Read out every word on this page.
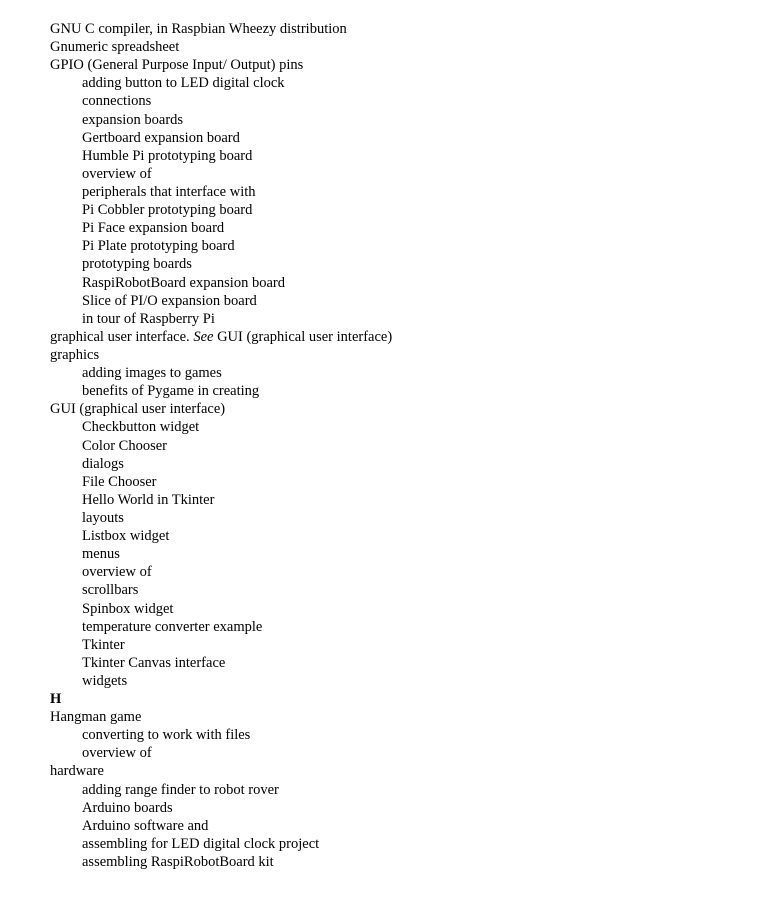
GNU C compiler, in Raspbian Wheezy distribution
Gnumeric spreadsheet
GPIO (General Purpose Input/ Output) pins
adding button to LED digital clock
connections
expansion boards
Gertboard expansion board
Humble Pi prototyping board
overview of
peripherals that interface with
Pi Cobbler prototyping board
Pi Face expansion board
Pi Plate prototyping board
prototyping boards
RaspiRobotBoard expansion board
Slice of PI/O expansion board
in tour of Raspberry Pi
graphical user interface. See GUI (graphical user interface)
graphics
adding images to games
benefits of Pygame in creating
GUI (graphical user interface)
Checkbutton widget
Color Chooser
dialogs
File Chooser
Hello World in Tkinter
layouts
Listbox widget
menus
overview of
scrollbars
Spinbox widget
temperature converter example
Tkinter
Tkinter Canvas interface
widgets
H
Hangman game
converting to work with files
overview of
hardware
adding range finder to robot rover
Arduino boards
Arduino software and
assembling for LED digital clock project
assembling RaspiRobotBoard kit
